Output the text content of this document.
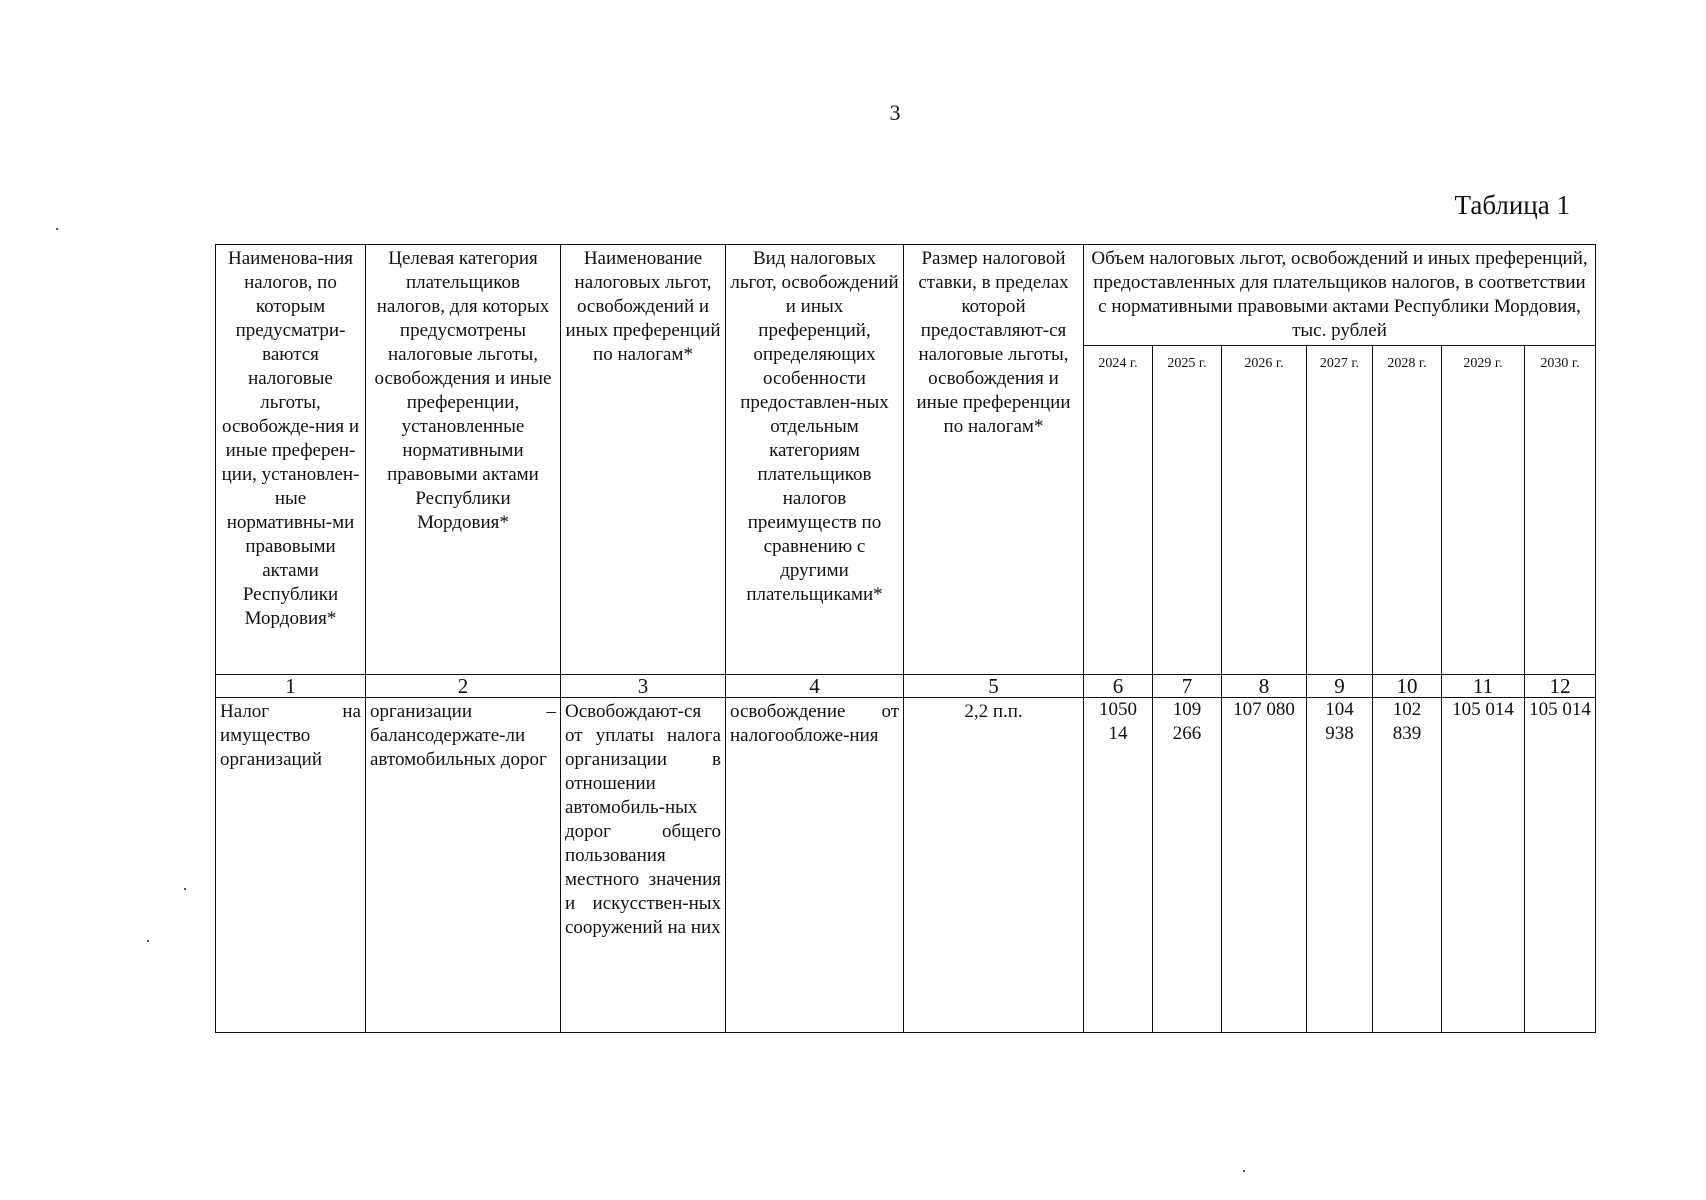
3
Таблица 1
Наименова-ния налогов, по которым предусматри-ваются налоговые льготы, освобожде-ния и иные преферен-ции, установлен-ные нормативны-ми правовыми актами Республики Мордовия*	Целевая категория плательщиков налогов, для которых предусмотрены налоговые льготы, освобождения и иные преференции, установленные нормативными правовыми актами Республики Мордовия*	Наименование налоговых льгот, освобождений и иных преференций по налогам*	Вид налоговых льгот, освобождений и иных преференций, определяющих особенности предоставлен-ных отдельным категориям плательщиков налогов преимуществ по сравнению с другими плательщиками*	Размер налоговой ставки, в пределах которой предоставляют-ся налоговые льготы, освобождения и иные преференции по налогам*	Объем налоговых льгот, освобождений и иных преференций, предоставленных для плательщиков налогов, в соответствии с нормативными правовыми актами Республики Мордовия, тыс. рублей						
					2024 г.	2025 г.	2026 г.	2027 г.	2028 г.	2029 г.	2030 г.
1	2	3	4	5	6	7	8	9	10	11	12
Налог на имущество организаций	организации – балансодержате-ли автомобильных дорог	Освобождают-ся от уплаты налога организации в отношении автомобиль-ных дорог общего пользования местного значения и искусствен-ных сооружений на них	освобождение от налогообложе-ния	2,2 п.п.	1050 14	109 266	107 080	104 938	102 839	105 014	105 014
